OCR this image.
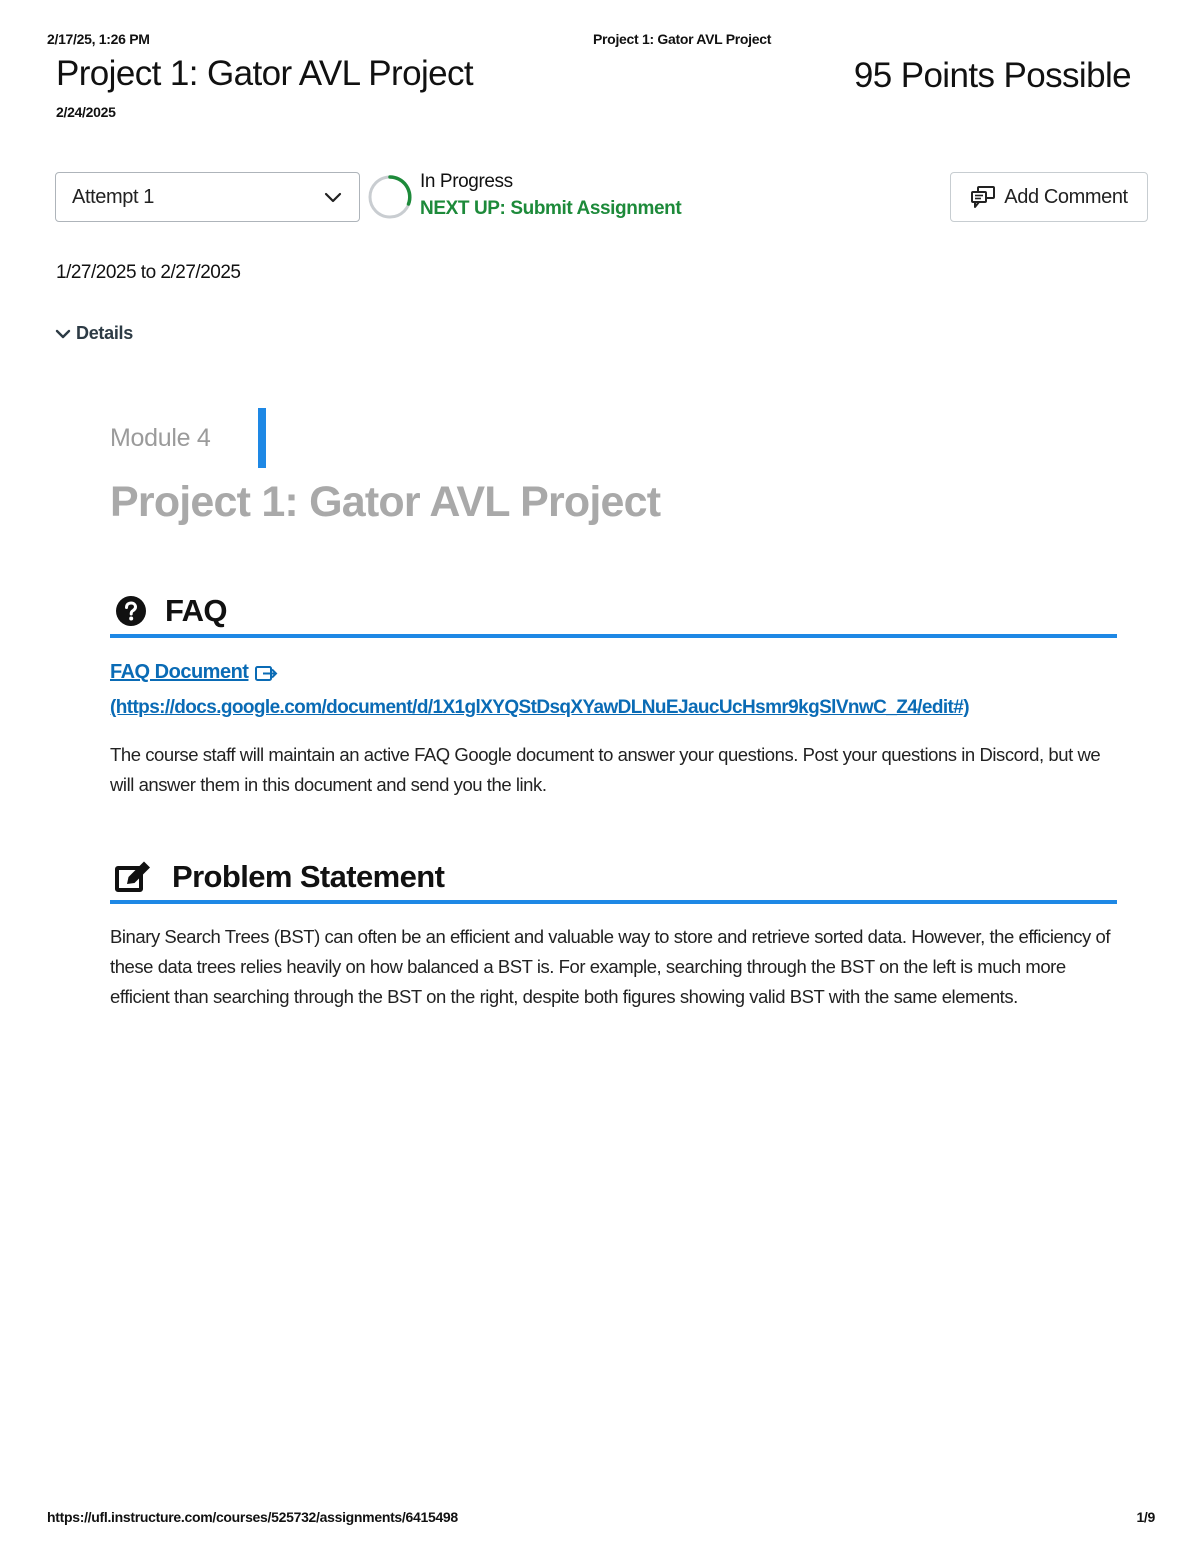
2/17/25, 1:26 PM	Project 1: Gator AVL Project
Project 1: Gator AVL Project	95 Points Possible
2/24/2025
Attempt 1
In Progress
NEXT UP: Submit Assignment
Add Comment
1/27/2025 to 2/27/2025
Details
Module 4
Project 1: Gator AVL Project
FAQ
FAQ Document
(https://docs.google.com/document/d/1X1glXYQStDsqXYawDLNuEJaucUcHsmr9kgSlVnwC_Z4/edit#)

The course staff will maintain an active FAQ Google document to answer your questions. Post your questions in Discord, but we will answer them in this document and send you the link.

Problem Statement

Binary Search Trees (BST) can often be an efficient and valuable way to store and retrieve sorted data. However, the efficiency of these data trees relies heavily on how balanced a BST is. For example, searching through the BST on the left is much more efficient than searching through the BST on the right, despite both figures showing valid BST with the same elements.

https://ufl.instructure.com/courses/525732/assignments/6415498	1/9
